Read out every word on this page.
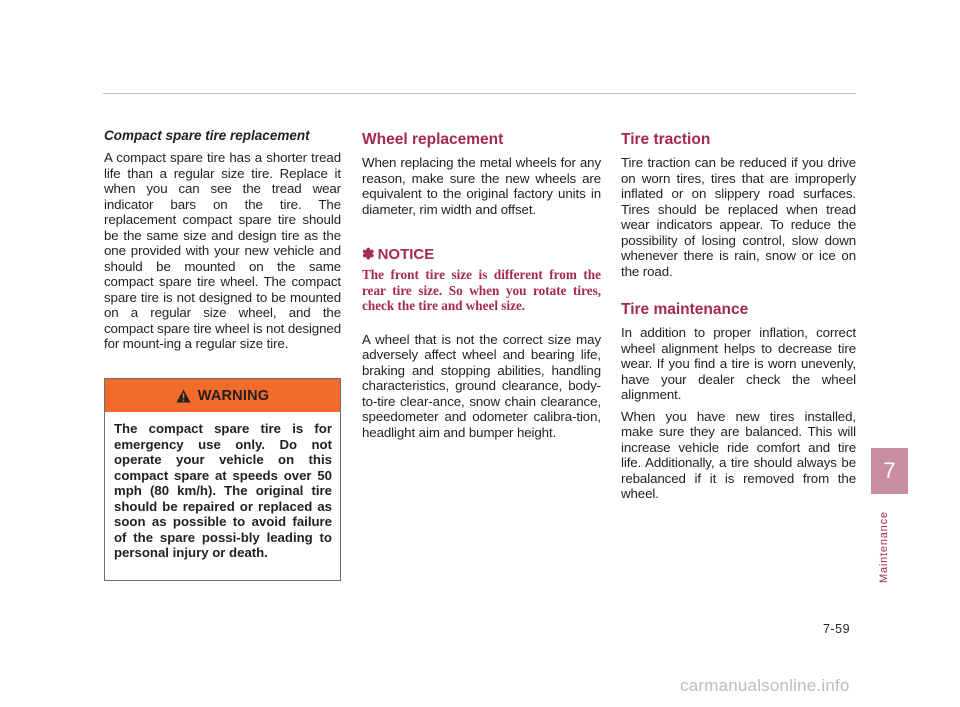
Compact spare tire replacement

A compact spare tire has a shorter tread life than a regular size tire. Replace it when you can see the tread wear indicator bars on the tire. The replacement compact spare tire should be the same size and design tire as the one provided with your new vehicle and should be mounted on the same compact spare tire wheel. The compact spare tire is not designed to be mounted on a regular size wheel, and the compact spare tire wheel is not designed for mount-ing a regular size tire.

WARNING
The compact spare tire is for emergency use only. Do not operate your vehicle on this compact spare at speeds over 50 mph (80 km/h). The original tire should be repaired or replaced as soon as possible to avoid failure of the spare possi-bly leading to personal injury or death.
Wheel replacement

When replacing the metal wheels for any reason, make sure the new wheels are equivalent to the original factory units in diameter, rim width and offset.

✽ NOTICE

The front tire size is different from the rear tire size. So when you rotate tires, check the tire and wheel size.

A wheel that is not the correct size may adversely affect wheel and bearing life, braking and stopping abilities, handling characteristics, ground clearance, body-to-tire clear-ance, snow chain clearance, speedometer and odometer calibra-tion, headlight aim and bumper height.

Tire traction

Tire traction can be reduced if you drive on worn tires, tires that are improperly inflated or on slippery road surfaces. Tires should be replaced when tread wear indicators appear. To reduce the possibility of losing control, slow down whenever there is rain, snow or ice on the road.

Tire maintenance

In addition to proper inflation, correct wheel alignment helps to decrease tire wear. If you find a tire is worn unevenly, have your dealer check the wheel alignment.

When you have new tires installed, make sure they are balanced. This will increase vehicle ride comfort and tire life. Additionally, a tire should always be rebalanced if it is removed from the wheel.

7
Maintenance
7-59
carmanualsonline.info
